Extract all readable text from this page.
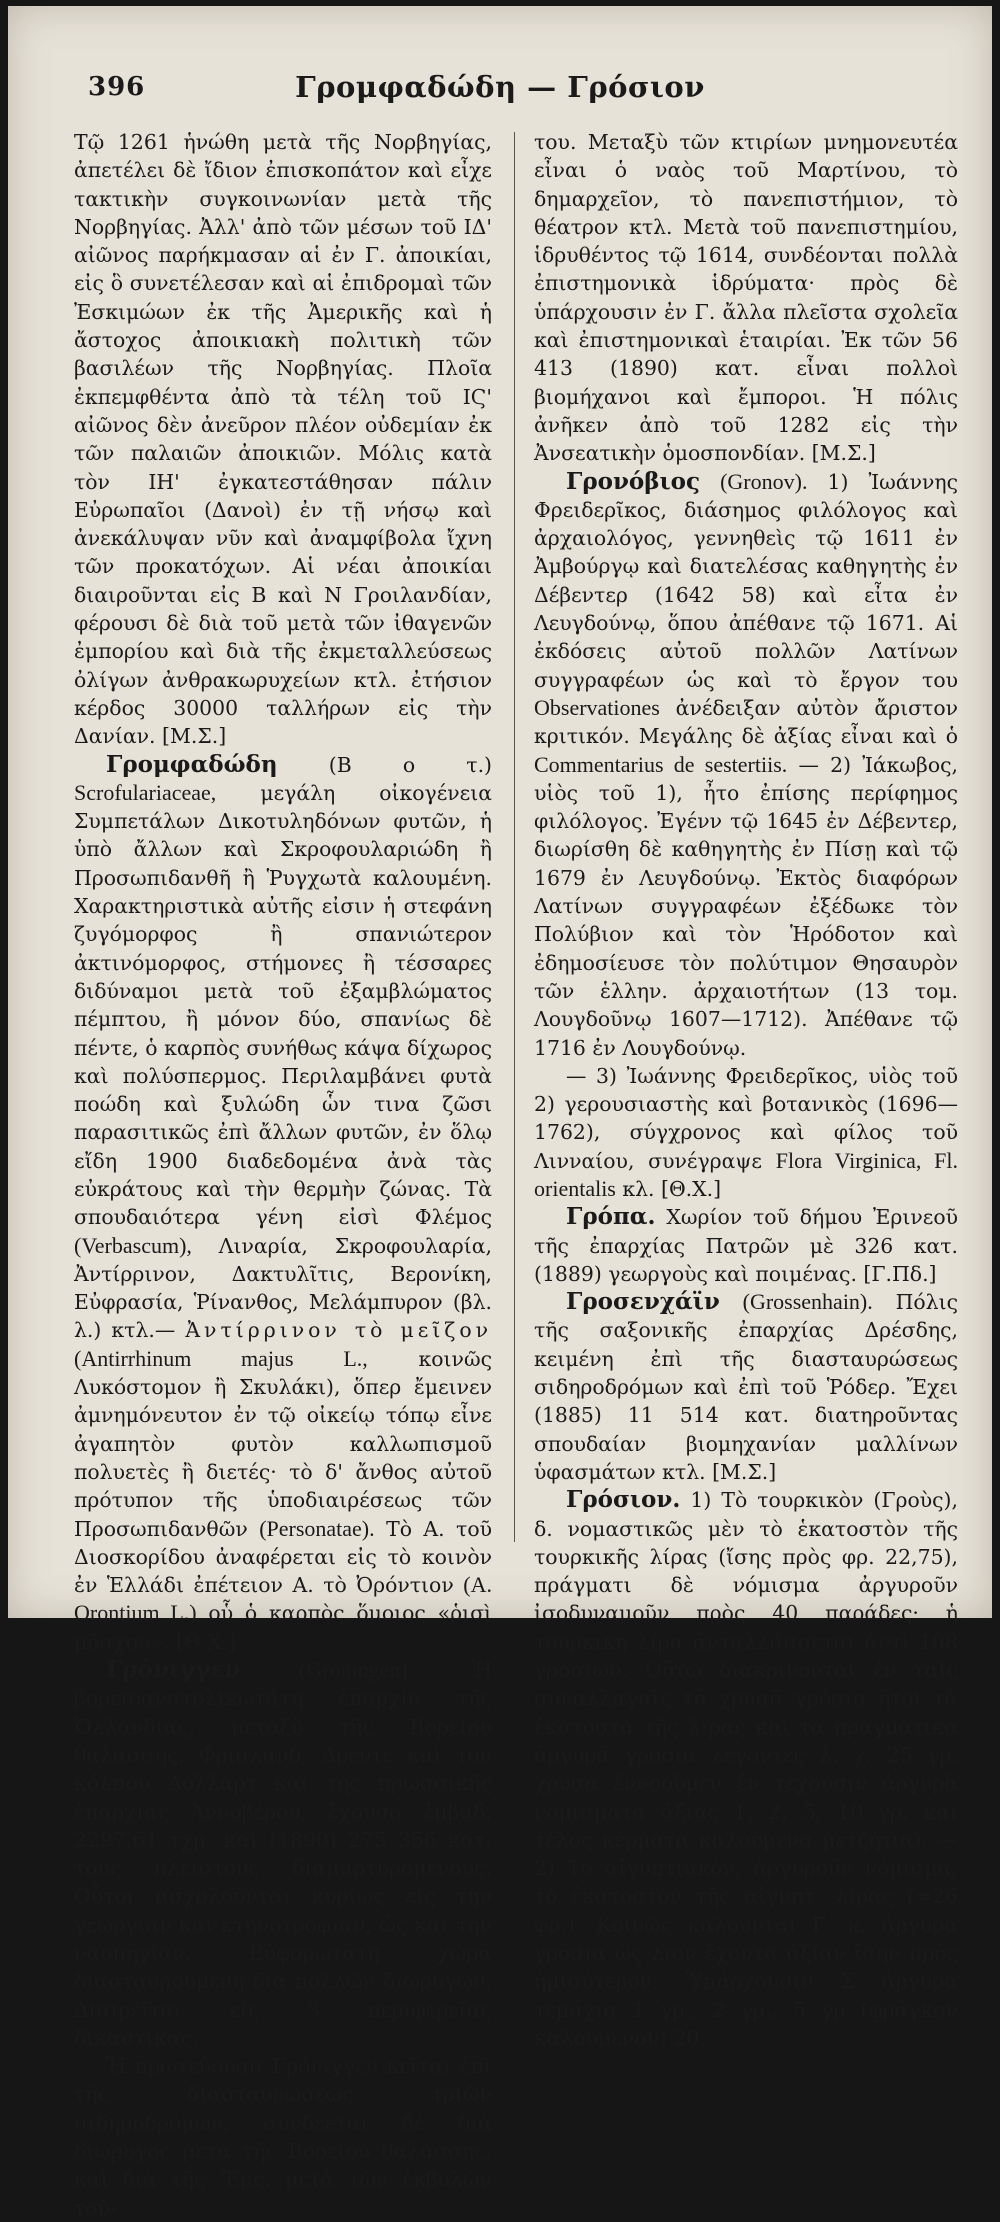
396	Γρομφαδώδη — Γρόσιον

Τῷ 1261 ἡνώθη μετὰ τῆς Νορβηγίας, ἀπετέλει δὲ ἴδιον ἐπισκοπάτον καὶ εἶχε τακτικὴν συγκοινωνίαν μετὰ τῆς Νορβηγίας. Ἀλλ' ἀπὸ τῶν μέσων τοῦ ΙΔ' αἰῶνος παρήκμασαν αἱ ἐν Γ. ἀποικίαι, εἰς ὃ συνετέλεσαν καὶ αἱ ἐπιδρομαὶ τῶν Ἐσκιμώων ἐκ τῆς Ἀμερικῆς καὶ ἡ ἄστοχος ἀποικιακὴ πολιτικὴ τῶν βασιλέων τῆς Νορβηγίας. Πλοῖα ἐκπεμφθέντα ἀπὸ τὰ τέλη τοῦ ΙϚ' αἰῶνος δὲν ἀνεῦρον πλέον οὐδεμίαν ἐκ τῶν παλαιῶν ἀποικιῶν. Μόλις κατὰ τὸν ΙΗ' ἐγκατεστάθησαν πάλιν Εὐρωπαῖοι (Δανοὶ) ἐν τῇ νήσῳ καὶ ἀνεκάλυψαν νῦν καὶ ἀναμφίβολα ἴχνη τῶν προκατόχων. Αἱ νέαι ἀποικίαι διαιροῦνται εἰς Β καὶ Ν Γροιλανδίαν, φέρουσι δὲ διὰ τοῦ μετὰ τῶν ἰθαγενῶν ἐμπορίου καὶ διὰ τῆς ἐκμεταλλεύσεως ὀλίγων ἀνθρακωρυχείων κτλ. ἐτήσιον κέρδος 30000 ταλλήρων εἰς τὴν Δανίαν. [Μ.Σ.]

Γρομφαδώδη	(Β ο τ.) Scrofulariaceae, μεγάλη οἰκογένεια Συμπετάλων Δικοτυληδόνων φυτῶν, ἡ ὑπὸ ἄλλων καὶ Σκροφουλαριώδη ἢ Προσωπιδανθῆ ἢ Ῥυγχωτὰ καλουμένη. Χαρακτηριστικὰ αὐτῆς εἰσιν ἡ στεφάνη ζυγόμορφος ἢ σπανιώτερον ἀκτινόμορφος, στήμονες ἢ τέσσαρες διδύναμοι μετὰ τοῦ ἐξαμβλώματος πέμπτου, ἢ μόνον δύο, σπανίως δὲ πέντε, ὁ καρπὸς συνήθως κάψα δίχωρος καὶ πολύσπερμος. Περιλαμβάνει φυτὰ ποώδη καὶ ξυλώδη ὧν τινα ζῶσι παρασιτικῶς ἐπὶ ἄλλων φυτῶν, ἐν ὅλῳ εἴδη 1900 διαδεδομένα ἀνὰ τὰς εὐκράτους καὶ τὴν θερμὴν ζώνας. Τὰ σπουδαιότερα γένη εἰσὶ Φλέμος (Verbascum), Λιναρία, Σκροφουλαρία, Ἀντίρρινον, Δακτυλῖτις, Βερονίκη, Εὐφρασία, Ῥίνανθος, Μελάμπυρον (βλ. λ.) κτλ.— Ἀντίρρινον τὸ μεῖζον (Antirrhinum majus L., κοινῶς Λυκόστομον ἢ Σκυλάκι), ὅπερ ἔμεινεν ἀμνημόνευτον ἐν τῷ οἰκείῳ τόπῳ εἶνε ἀγαπητὸν φυτὸν καλλωπισμοῦ πολυετὲς ἢ διετές· τὸ δ' ἄνθος αὐτοῦ πρότυπον τῆς ὑποδιαιρέσεως τῶν Προσωπιδανθῶν (Personatae). Τὸ Α. τοῦ Διοσκορίδου ἀναφέρεται εἰς τὸ κοινὸν ἐν Ἑλλάδι ἐπέτειον Α. τὸ Ὀρόντιον (A. Orontium L.) οὗ ὁ καρπὸς ὅμοιος «ῥισὶ μόσχου». [Θ.Χ.]

Γρόνιγγεν	(Groningen).	Ἡ βορειοανατολικωτάτη ἐπαρχία τῆς Ὁλλανδίας, μεταξὺ τῆς Βορείου θαλάσσης, Φρισλανδ, Δρέντε καὶ τοῦ κόλπου Δόλλαρτ καὶ τῆς πρωσσικῆς ἐπαρχίας Ἀννοβέρου, ἔχουσα ἐμβαδ. 2297,61 τχμ. καὶ (1890) 275 356 κατ. τοὺς πλείστους διαμαρτυρομένους. Οὗτοι ἀσχολοῦνται κυρίως εἰς τὴν γεωργίαν καὶ κτηνοτροφίαν, ὡς καὶ τὴν ναυπηγίαν. Εὐφορωτάτη χώρα διασταυρουμένη διὰ πολλῶν διωρύγων. Διαιρεῖται εἰς 3 περιφερείας δικαστικάς.

Ἡ πρωτεύουσα Γρόνιγγεν κεῖται ἐπὶ τῆς διασταυρώσεως τριῶν σιδηροδρόμων, συνδέεται δὲ διὰ διωρυγος μετὰ τῆς Βορείου θαλάσσης, καὶ διὰ τῆς Ἔμς, μετὰ τῶν ἐκβολῶν τοῦ-

του. Μεταξὺ τῶν κτιρίων μνημονευτέα εἶναι ὁ ναὸς τοῦ Μαρτίνου, τὸ δημαρχεῖον, τὸ πανεπιστήμιον, τὸ θέατρον κτλ. Μετὰ τοῦ πανεπιστημίου, ἱδρυθέντος τῷ 1614, συνδέονται πολλὰ ἐπιστημονικὰ ἱδρύματα· πρὸς δὲ ὑπάρχουσιν ἐν Γ. ἄλλα πλεῖστα σχολεῖα καὶ ἐπιστημονικαὶ ἑταιρίαι. Ἐκ τῶν 56 413 (1890) κατ. εἶναι πολλοὶ βιομήχανοι καὶ ἔμποροι. Ἡ πόλις ἀνῆκεν ἀπὸ τοῦ 1282 εἰς τὴν Ἀνσεατικὴν ὁμοσπονδίαν. [Μ.Σ.]

Γρονόβιος (Gronov). 1) Ἰωάννης Φρειδερῖκος, διάσημος φιλόλογος καὶ ἀρχαιολόγος, γεννηθεὶς τῷ 1611 ἐν Ἀμβούργῳ καὶ διατελέσας καθηγητὴς ἐν Δέβεντερ (1642 58) καὶ εἶτα ἐν Λευγδούνῳ, ὅπου ἀπέθανε τῷ 1671. Αἱ ἐκδόσεις αὐτοῦ πολλῶν Λατίνων συγγραφέων ὡς καὶ τὸ ἔργον του Observationes ἀνέδειξαν αὐτὸν ἄριστον κριτικόν. Μεγάλης δὲ ἀξίας εἶναι καὶ ὁ Commentarius de sestertiis. — 2) Ἰάκωβος, υἱὸς τοῦ 1), ἦτο ἐπίσης περίφημος φιλόλογος. Ἐγένν τῷ 1645 ἐν Δέβεντερ, διωρίσθη δὲ καθηγητὴς ἐν Πίσῃ καὶ τῷ 1679 ἐν Λευγδούνῳ. Ἐκτὸς διαφόρων Λατίνων συγγραφέων ἐξέδωκε τὸν Πολύβιον καὶ τὸν Ἡρόδοτον καὶ ἐδημοσίευσε τὸν πολύτιμον Θησαυρὸν τῶν ἑλλην. ἀρχαιοτήτων (13 τομ. Λουγδοῦνῳ 1607—1712). Ἀπέθανε τῷ 1716 ἐν Λουγδούνῳ.

— 3) Ἰωάννης Φρειδερῖκος, υἱὸς τοῦ 2) γερουσιαστὴς καὶ βοτανικὸς (1696—1762), σύγχρονος καὶ φίλος τοῦ Λινναίου, συνέγραψε Flora Virginica, Fl. orientalis κλ. [Θ.Χ.]

Γρόπα. Χωρίον τοῦ δήμου Ἐρινεοῦ τῆς ἐπαρχίας Πατρῶν μὲ 326 κατ. (1889) γεωργοὺς καὶ ποιμένας. [Γ.Πδ.]

Γροσενχάϊν (Grossenhain). Πόλις τῆς σαξονικῆς ἐπαρχίας Δρέσδης, κειμένη ἐπὶ τῆς διασταυρώσεως σιδηροδρόμων καὶ ἐπὶ τοῦ Ῥόδερ. Ἔχει (1885) 11 514 κατ. διατηροῦντας σπουδαίαν βιομηχανίαν μαλλίνων ὑφασμάτων κτλ. [Μ.Σ.]

Γρόσιον. 1) Τὸ τουρκικὸν (Γροὺς), δ. νομαστικῶς μὲν τὸ ἑκατοστὸν τῆς τουρκικῆς λίρας (ἴσης πρὸς φρ. 22,75), πράγματι δὲ νόμισμα ἀργυροῦν ἰσοδυναμοῦν πρὸς 40 παράδες· ἡ τουρκικὴ λίρα ἀνταλλάσσεται ἀντὶ 108 γροσίων. Οὕτω διακρίνονται ἐν ταῖς συναλλαγαῖς τὰ χρυσᾶ γρόσια ἤτοι τὰ ἑκατοστὰ τῆς λίρας καὶ τὰ πραγματικὰ ἀργυρᾶ γρόσια λέγοντες λ. χ. 25 γρ. χρυσᾶ ἐννοοῦμεν ἐν τέχουσιν ἀργυρᾶ νομίσματα ἀξίας 1, 2, 5, 10 γρ. καὶ τέλος κέρματα καλούμενα μετζήτια). — 2) Τὸ αἰγυπτιακὸν, ἀργυροῦν νόμισμα, τὸ ἑκατοστὸν τῆς αἰγυπτ. λίρας (=26 φρ.). Κοινῶς καλοῦνται Γ. κ. ἀργυρᾶ γρόσια ὡς λιον ἔχοντα ἀξίαν ἴσην πρὸς ἡμισύτερον. Ὑπάρχουσιν Σ ἀργυρᾶ τεμάχια 1 γρ., 2 γρ., 5 γρ (φράγκον καλούμενον) 20.
